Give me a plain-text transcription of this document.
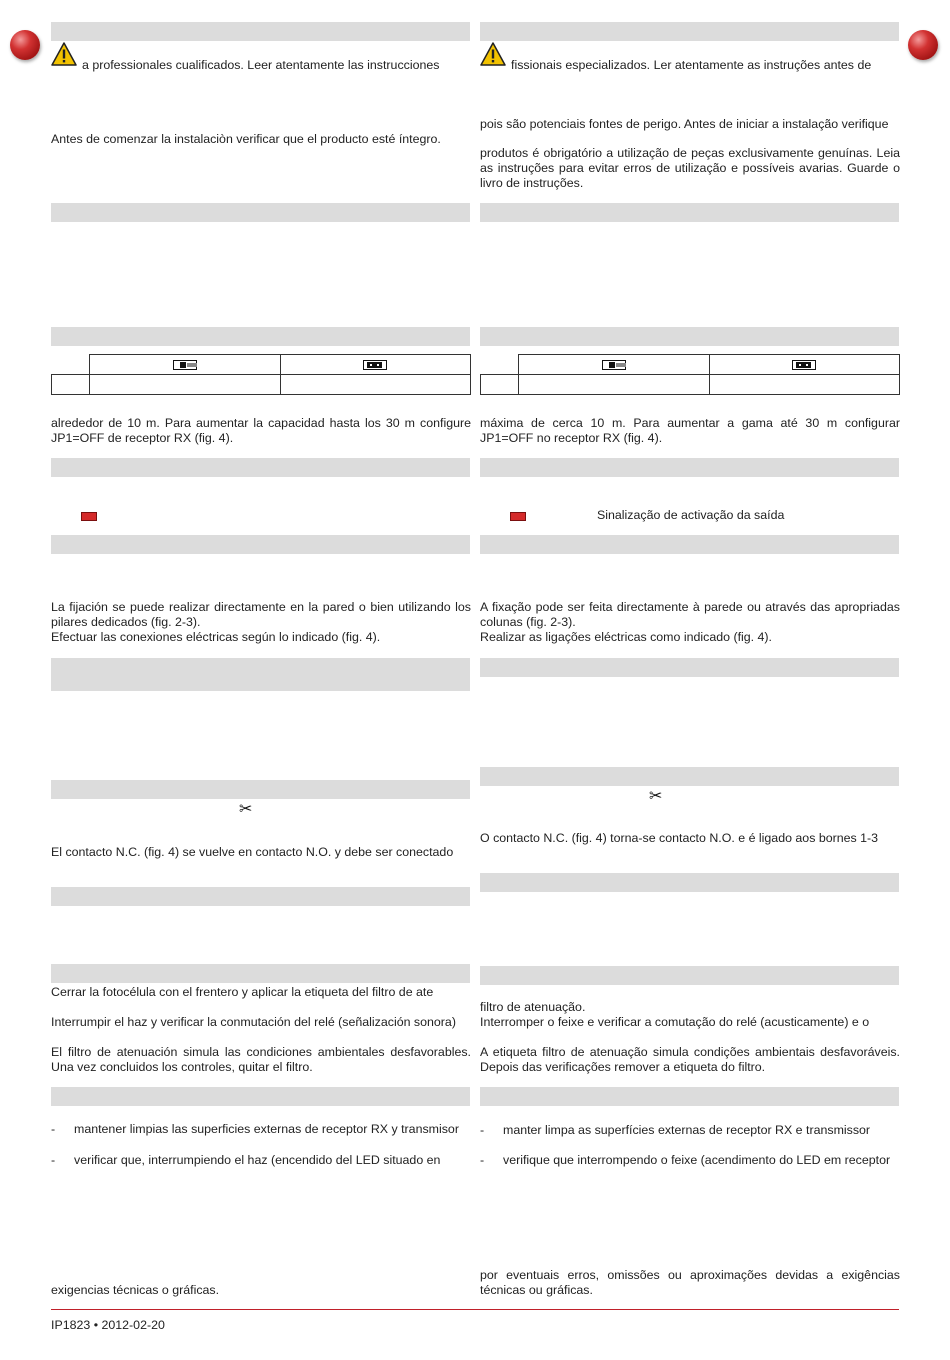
a professionales cualificados. Leer atentamente las instrucciones
Antes de comenzar la instalaciòn verificar que el producto esté íntegro.

alrededor de 10 m. Para aumentar la capacidad hasta los 30 m configure JP1=OFF de receptor RX (fig. 4).
La fijación se puede realizar directamente en la pared o bien utilizando los pilares dedicados (fig. 2-3).
Efectuar las conexiones eléctricas según lo indicado (fig. 4).
✂
El contacto N.C. (fig. 4) se vuelve en contacto N.O. y debe ser conectado
Cerrar la fotocélula con el frentero y aplicar la etiqueta del filtro de ate
Interrumpir el haz y verificar la conmutación del relé (señalización sonora)
El filtro de atenuación simula las condiciones ambientales desfavorables. Una vez concluidos los controles, quitar el filtro.
- mantener limpias las superficies externas de receptor RX y transmisor
- verificar que, interrumpiendo el haz (encendido del LED situado en
exigencias técnicas o gráficas.
fissionais especializados. Ler atentamente as instruções antes de
pois são potenciais fontes de perigo. Antes de iniciar a instalação verifique
produtos é obrigatório a utilização de peças exclusivamente genuínas. Leia as instruções para evitar erros de utilização e possíveis avarias. Guarde o livro de instruções.

máxima de cerca 10 m. Para aumentar a gama até 30 m configurar JP1=OFF no receptor RX (fig. 4).
Sinalização de activação da saída
A fixação pode ser feita directamente à parede ou através das apropriadas colunas (fig. 2-3).
Realizar as ligações eléctricas como indicado (fig. 4).
✂
O contacto N.C. (fig. 4) torna-se contacto N.O. e é ligado aos bornes 1-3
filtro de atenuação.
Interromper o feixe e verificar a comutação do relé (acusticamente) e o
A etiqueta filtro de atenuação simula condições ambientais desfavoráveis. Depois das verificações remover a etiqueta do filtro.
- manter limpa as superfícies externas de receptor RX e transmissor
- verifique que interrompendo o feixe (acendimento do LED em receptor
por eventuais erros, omissões ou aproximações devidas a exigências técnicas ou gráficas.
IP1823 • 2012-02-20
